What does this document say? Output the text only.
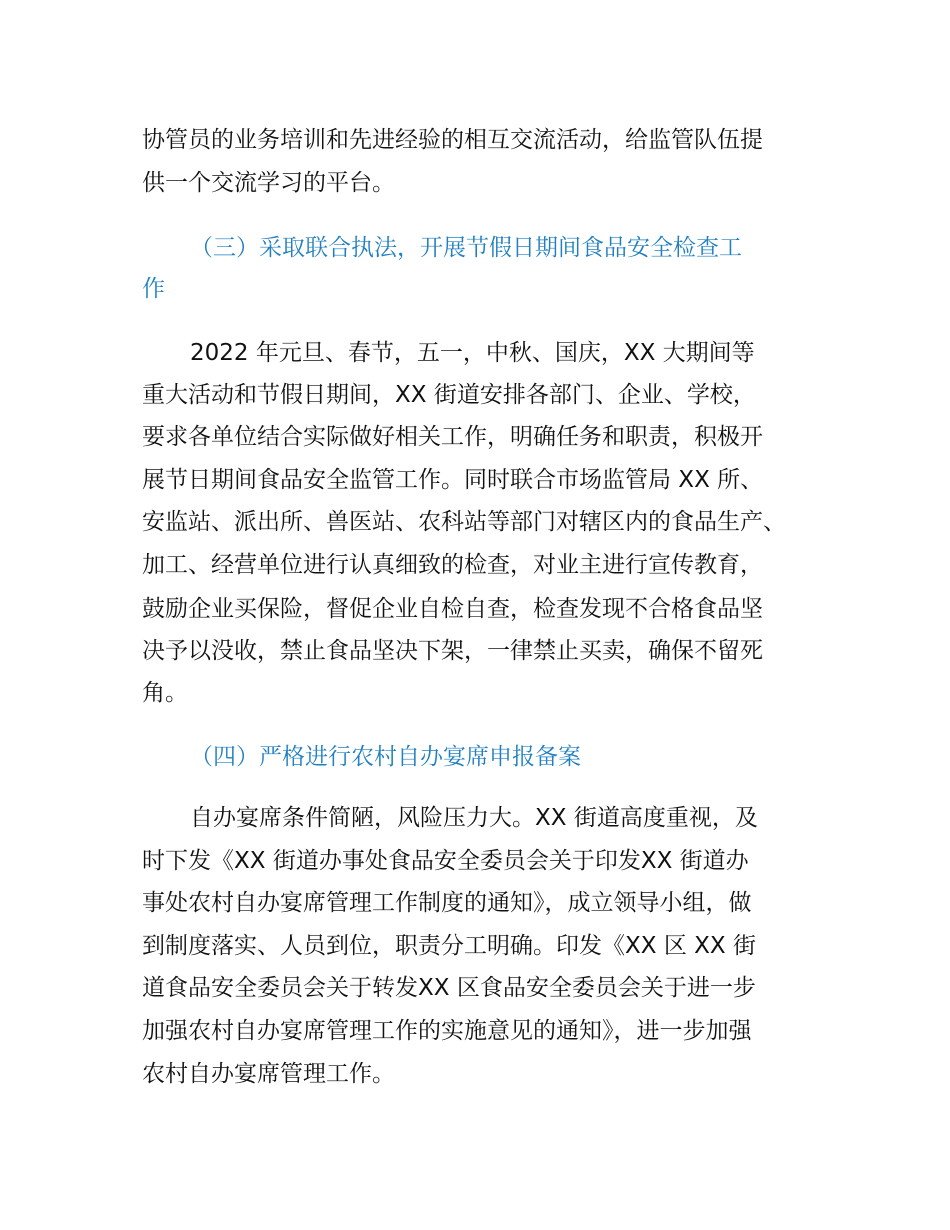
协管员的业务培训和先进经验的相互交流活动，给监管队伍提
供一个交流学习的平台。
（三）采取联合执法，开展节假日期间食品安全检查工
作
2022 年元旦、春节，五一，中秋、国庆，XX 大期间等
重大活动和节假日期间，XX 街道安排各部门、企业、学校，
要求各单位结合实际做好相关工作，明确任务和职责，积极开
展节日期间食品安全监管工作。同时联合市场监管局 XX 所、
安监站、派出所、兽医站、农科站等部门对辖区内的食品生产、
加工、经营单位进行认真细致的检查，对业主进行宣传教育，
鼓励企业买保险，督促企业自检自查，检查发现不合格食品坚
决予以没收，禁止食品坚决下架，一律禁止买卖，确保不留死
角。
（四）严格进行农村自办宴席申报备案
自办宴席条件简陋，风险压力大。XX 街道高度重视，及
时下发《XX 街道办事处食品安全委员会关于印发XX 街道办
事处农村自办宴席管理工作制度的通知》，成立领导小组，做
到制度落实、人员到位，职责分工明确。印发《XX 区 XX 街
道食品安全委员会关于转发XX 区食品安全委员会关于进一步
加强农村自办宴席管理工作的实施意见的通知》，进一步加强
农村自办宴席管理工作。
